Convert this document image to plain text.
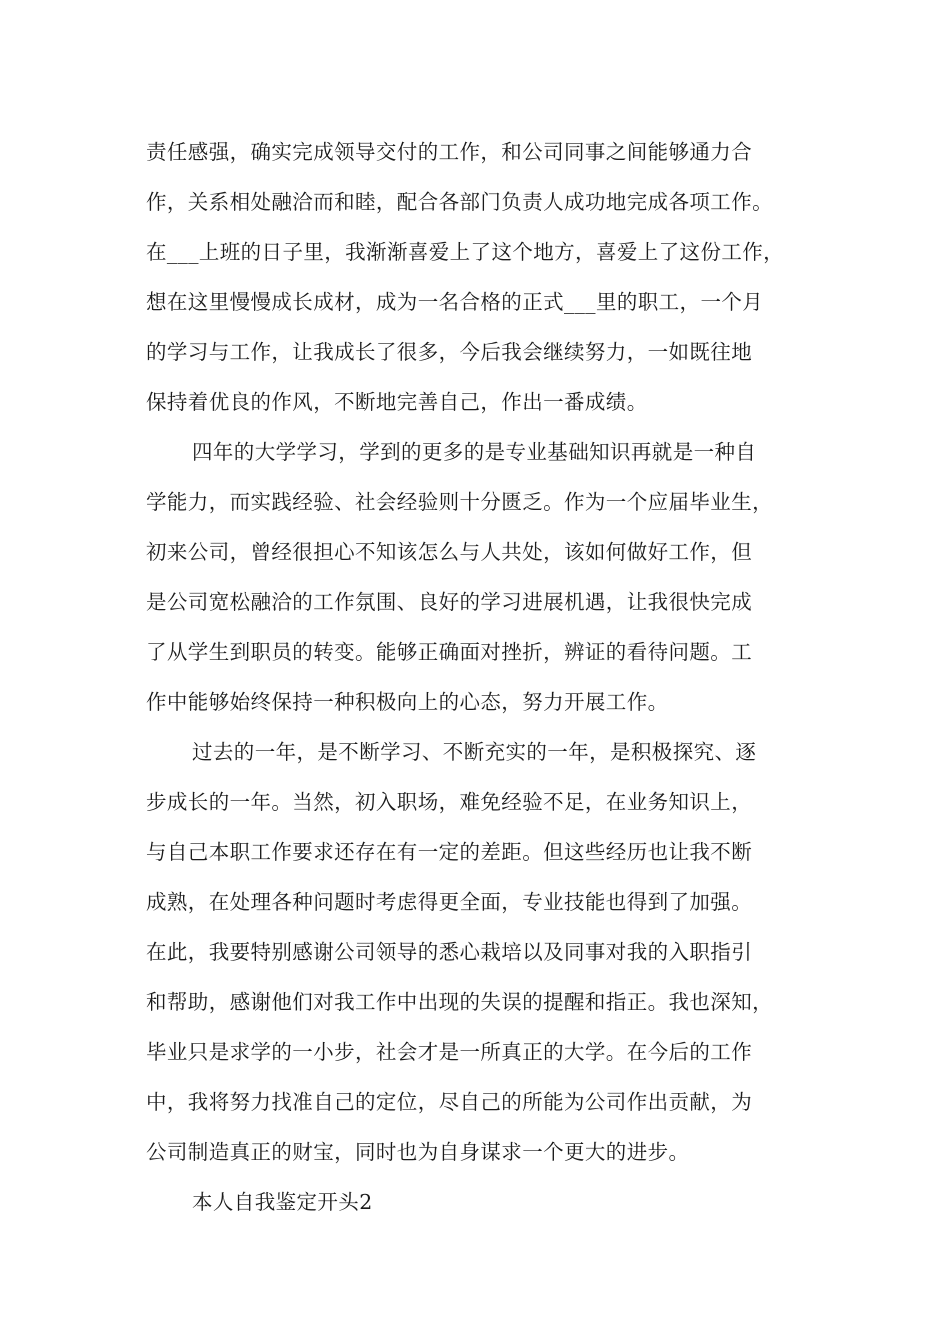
责任感强，确实完成领导交付的工作，和公司同事之间能够通力合
作，关系相处融洽而和睦，配合各部门负责人成功地完成各项工作。
在___上班的日子里，我渐渐喜爱上了这个地方，喜爱上了这份工作，
想在这里慢慢成长成材，成为一名合格的正式___里的职工，一个月
的学习与工作，让我成长了很多，今后我会继续努力，一如既往地
保持着优良的作风，不断地完善自己，作出一番成绩。
四年的大学学习，学到的更多的是专业基础知识再就是一种自
学能力，而实践经验、社会经验则十分匮乏。作为一个应届毕业生，
初来公司，曾经很担心不知该怎么与人共处，该如何做好工作，但
是公司宽松融洽的工作氛围、良好的学习进展机遇，让我很快完成
了从学生到职员的转变。能够正确面对挫折，辨证的看待问题。工
作中能够始终保持一种积极向上的心态，努力开展工作。
过去的一年，是不断学习、不断充实的一年，是积极探究、逐
步成长的一年。当然，初入职场，难免经验不足，在业务知识上，
与自己本职工作要求还存在有一定的差距。但这些经历也让我不断
成熟，在处理各种问题时考虑得更全面，专业技能也得到了加强。
在此，我要特别感谢公司领导的悉心栽培以及同事对我的入职指引
和帮助，感谢他们对我工作中出现的失误的提醒和指正。我也深知，
毕业只是求学的一小步，社会才是一所真正的大学。在今后的工作
中，我将努力找准自己的定位，尽自己的所能为公司作出贡献，为
公司制造真正的财宝，同时也为自身谋求一个更大的进步。
本人自我鉴定开头2
